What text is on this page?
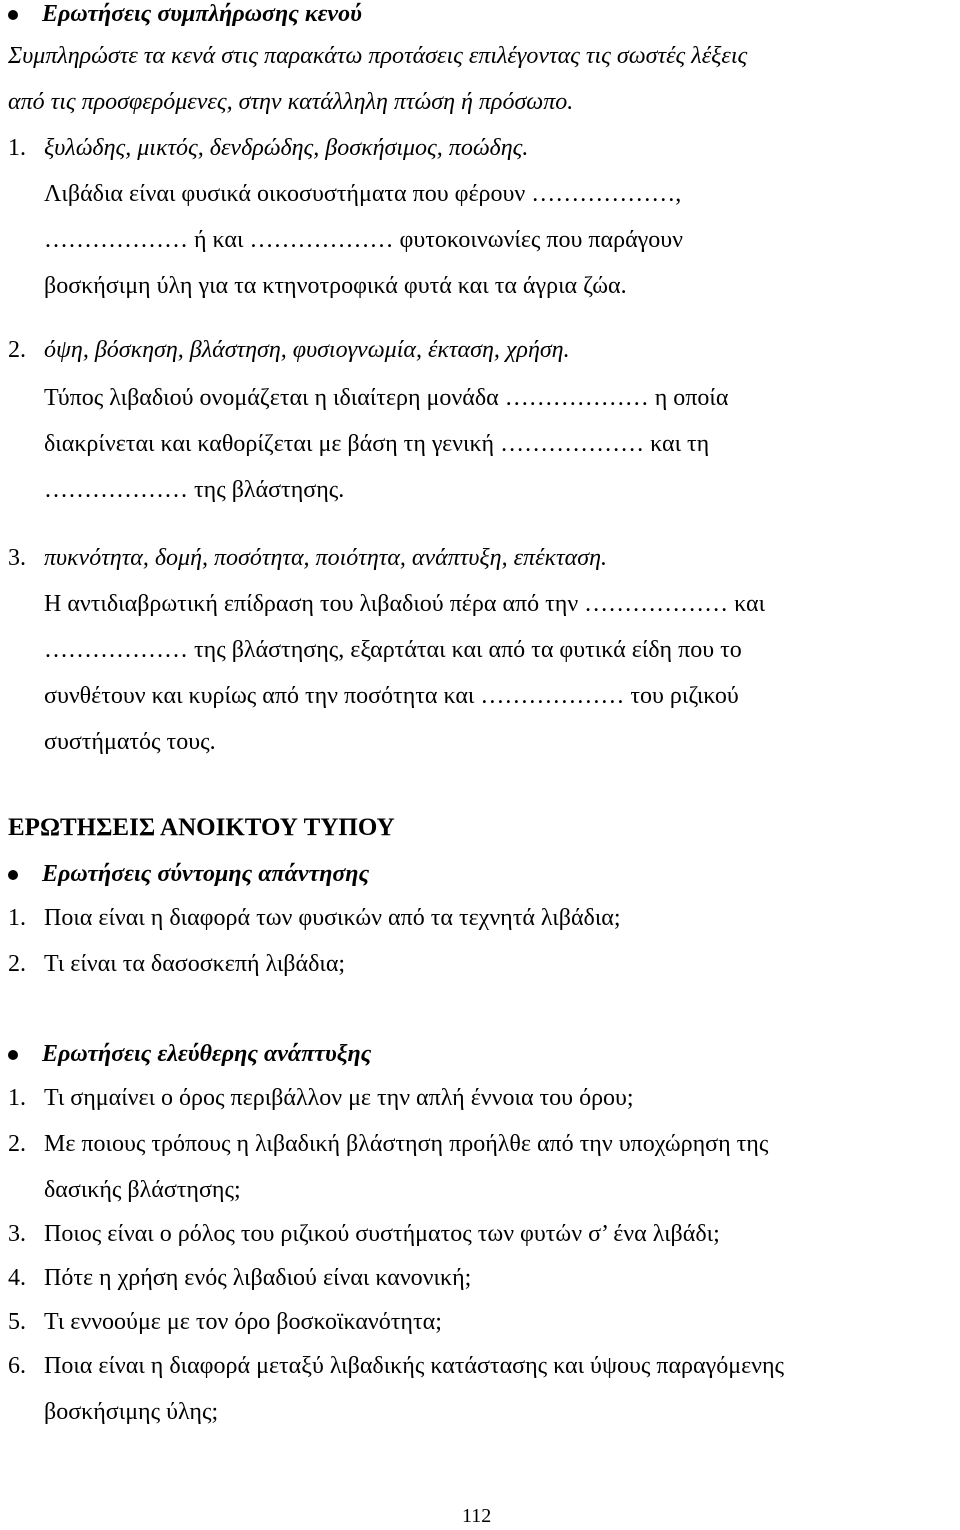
Ερωτήσεις συμπλήρωσης κενού
Συμπληρώστε τα κενά στις παρακάτω προτάσεις επιλέγοντας τις σωστές λέξεις
από τις προσφερόμενες, στην κατάλληλη πτώση ή πρόσωπο.
1. ξυλώδης, μικτός, δενδρώδης, βοσκήσιμος, ποώδης.
Λιβάδια είναι φυσικά οικοσυστήματα που φέρουν ………………,
……………… ή και ……………… φυτοκοινωνίες που παράγουν
βοσκήσιμη ύλη για τα κτηνοτροφικά φυτά και τα άγρια ζώα.
2. όψη, βόσκηση, βλάστηση, φυσιογνωμία, έκταση, χρήση.
Τύπος λιβαδιού ονομάζεται η ιδιαίτερη μονάδα ……………… η οποία
διακρίνεται και καθορίζεται με βάση τη γενική ……………… και τη
……………… της βλάστησης.
3. πυκνότητα, δομή, ποσότητα, ποιότητα, ανάπτυξη, επέκταση.
Η αντιδιαβρωτική επίδραση του λιβαδιού πέρα από την ……………… και
……………… της βλάστησης, εξαρτάται και από τα φυτικά είδη που το
συνθέτουν και κυρίως από την ποσότητα και ……………… του ριζικού
συστήματός τους.
ΕΡΩΤΗΣΕΙΣ ΑΝΟΙΚΤΟΥ ΤΥΠΟΥ
Ερωτήσεις σύντομης απάντησης
1. Ποια είναι η διαφορά των φυσικών από τα τεχνητά λιβάδια;
2. Τι είναι τα δασοσκεπή λιβάδια;
Ερωτήσεις ελεύθερης ανάπτυξης
1. Τι σημαίνει ο όρος περιβάλλον με την απλή έννοια του όρου;
2. Με ποιους τρόπους η λιβαδική βλάστηση προήλθε από την υποχώρηση της
δασικής βλάστησης;
3. Ποιος είναι ο ρόλος του ριζικού συστήματος των φυτών σ’ ένα λιβάδι;
4. Πότε η χρήση ενός λιβαδιού είναι κανονική;
5. Τι εννοούμε με τον όρο βοσκοϊκανότητα;
6. Ποια είναι η διαφορά μεταξύ λιβαδικής κατάστασης και ύψους παραγόμενης
βοσκήσιμης ύλης;
112
